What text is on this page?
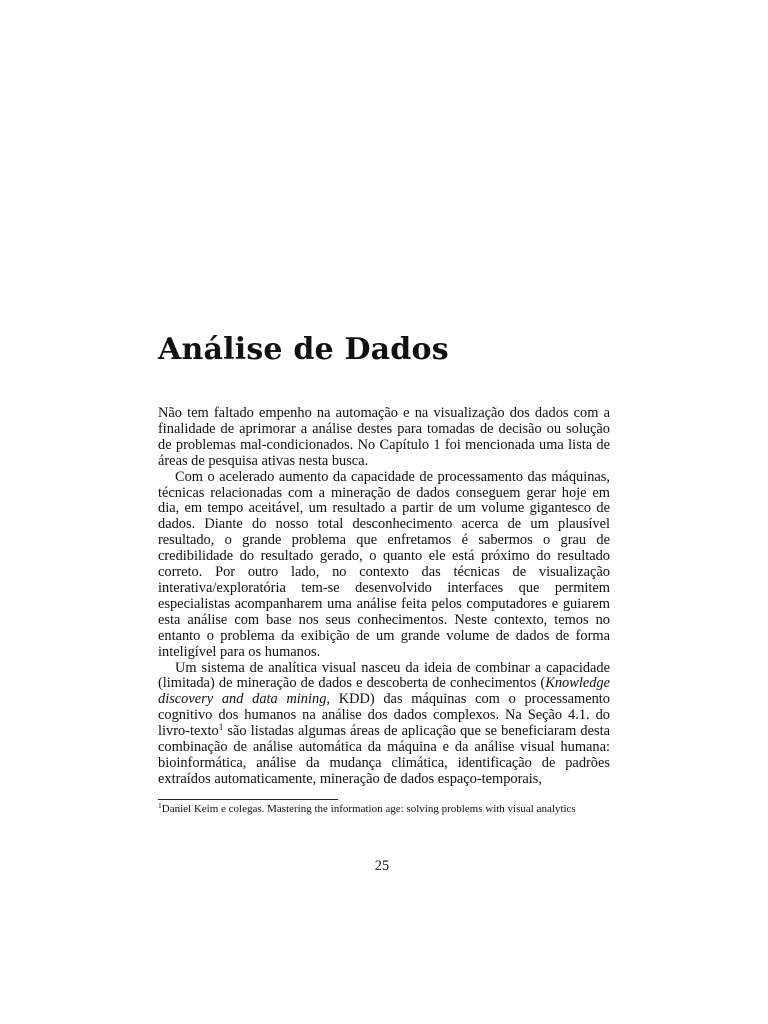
Análise de Dados

Não tem faltado empenho na automação e na visualização dos dados com a finalidade de aprimorar a análise destes para tomadas de decisão ou solução de problemas mal-condicionados. No Capítulo 1 foi mencionada uma lista de áreas de pesquisa ativas nesta busca.

Com o acelerado aumento da capacidade de processamento das máquinas, técnicas relacionadas com a mineração de dados conseguem gerar hoje em dia, em tempo aceitável, um resultado a partir de um volume gigantesco de dados. Diante do nosso total desconhecimento acerca de um plausível resultado, o grande problema que enfretamos é sabermos o grau de credibilidade do resultado gerado, o quanto ele está próximo do resultado correto. Por outro lado, no contexto das técnicas de visualização interativa/exploratória tem-se desenvolvido interfaces que permitem especialistas acompanharem uma análise feita pelos computadores e guiarem esta análise com base nos seus conhecimentos. Neste contexto, temos no entanto o problema da exibição de um grande volume de dados de forma inteligível para os humanos.

Um sistema de analítica visual nasceu da ideia de combinar a capacidade (limitada) de mineração de dados e descoberta de conhecimentos (Knowledge discovery and data mining, KDD) das máquinas com o processamento cognitivo dos humanos na análise dos dados complexos. Na Seção 4.1. do livro-texto$^1$ são listadas algumas áreas de aplicação que se beneficiaram desta combinação de análise automática da máquina e da análise visual humana: bioinformática, análise da mudança climática, identificação de padrões extraídos automaticamente, mineração de dados espaço-temporais,

$^1$Daniel Keim e colegas. Mastering the information age: solving problems with visual analytics
25
